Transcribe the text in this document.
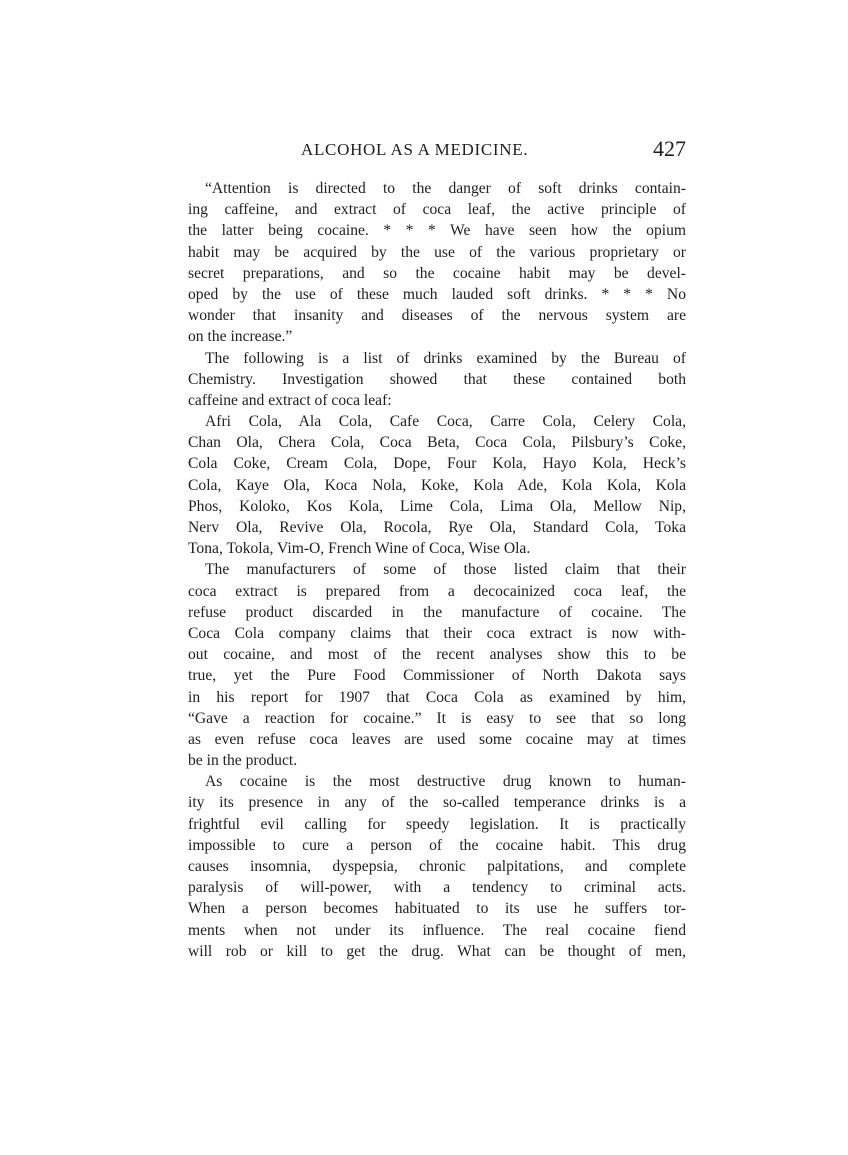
ALCOHOL AS A MEDICINE.	427
“Attention is directed to the danger of soft drinks contain-
ing caffeine, and extract of coca leaf, the active principle of
the latter being cocaine. * * * We have seen how the opium
habit may be acquired by the use of the various proprietary or
secret preparations, and so the cocaine habit may be devel-
oped by the use of these much lauded soft drinks. * * * No
wonder that insanity and diseases of the nervous system are
on the increase.”
The following is a list of drinks examined by the Bureau of
Chemistry. Investigation showed that these contained both
caffeine and extract of coca leaf:
Afri Cola, Ala Cola, Cafe Coca, Carre Cola, Celery Cola,
Chan Ola, Chera Cola, Coca Beta, Coca Cola, Pilsbury’s Coke,
Cola Coke, Cream Cola, Dope, Four Kola, Hayo Kola, Heck’s
Cola, Kaye Ola, Koca Nola, Koke, Kola Ade, Kola Kola, Kola
Phos, Koloko, Kos Kola, Lime Cola, Lima Ola, Mellow Nip,
Nerv Ola, Revive Ola, Rocola, Rye Ola, Standard Cola, Toka
Tona, Tokola, Vim-O, French Wine of Coca, Wise Ola.
The manufacturers of some of those listed claim that their
coca extract is prepared from a decocainized coca leaf, the
refuse product discarded in the manufacture of cocaine. The
Coca Cola company claims that their coca extract is now with-
out cocaine, and most of the recent analyses show this to be
true, yet the Pure Food Commissioner of North Dakota says
in his report for 1907 that Coca Cola as examined by him,
“Gave a reaction for cocaine.” It is easy to see that so long
as even refuse coca leaves are used some cocaine may at times
be in the product.
As cocaine is the most destructive drug known to human-
ity its presence in any of the so-called temperance drinks is a
frightful evil calling for speedy legislation. It is practically
impossible to cure a person of the cocaine habit. This drug
causes insomnia, dyspepsia, chronic palpitations, and complete
paralysis of will-power, with a tendency to criminal acts.
When a person becomes habituated to its use he suffers tor-
ments when not under its influence. The real cocaine fiend
will rob or kill to get the drug. What can be thought of men,
